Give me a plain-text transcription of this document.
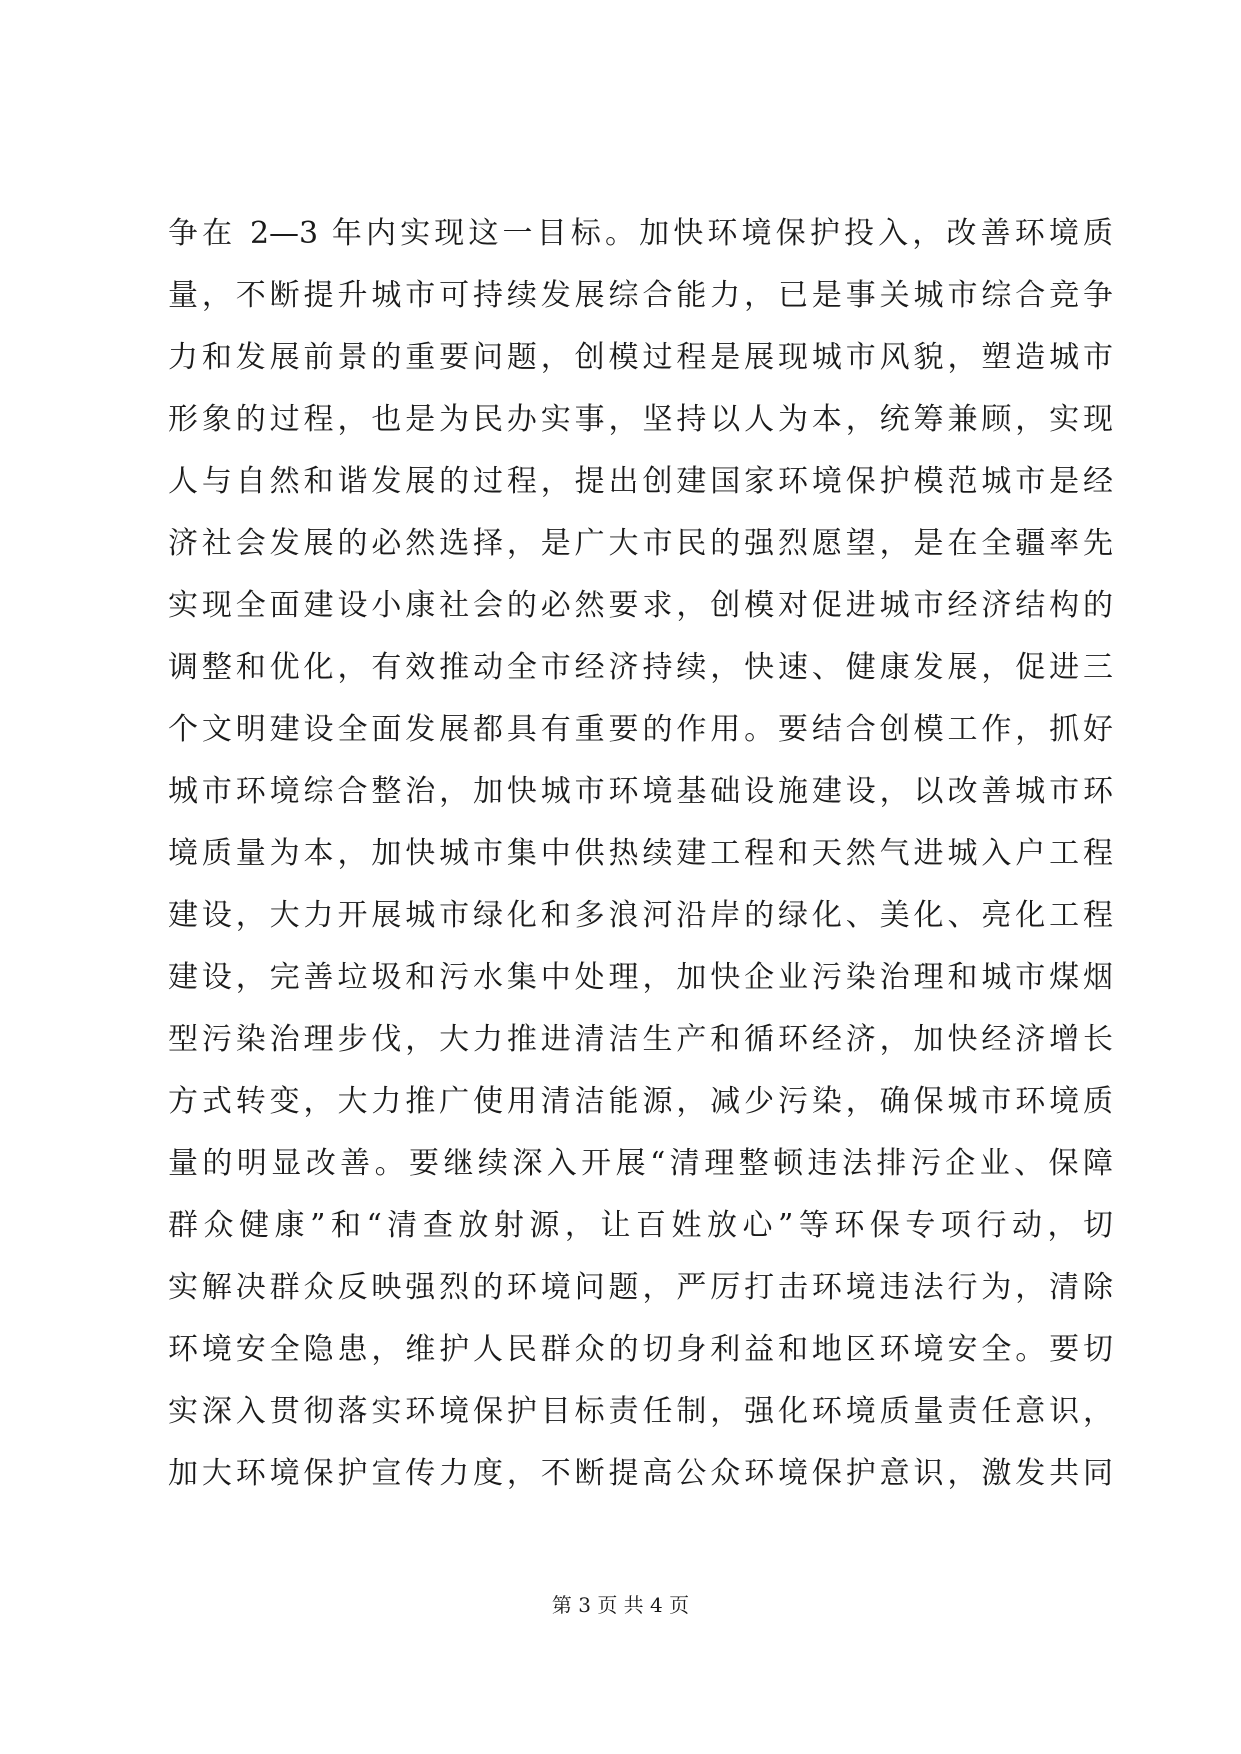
争在 2—3 年内实现这一目标。加快环境保护投入，改善环境质
量，不断提升城市可持续发展综合能力，已是事关城市综合竞争
力和发展前景的重要问题，创模过程是展现城市风貌，塑造城市
形象的过程，也是为民办实事，坚持以人为本，统筹兼顾，实现
人与自然和谐发展的过程，提出创建国家环境保护模范城市是经
济社会发展的必然选择，是广大市民的强烈愿望，是在全疆率先
实现全面建设小康社会的必然要求，创模对促进城市经济结构的
调整和优化，有效推动全市经济持续，快速、健康发展，促进三
个文明建设全面发展都具有重要的作用。要结合创模工作，抓好
城市环境综合整治，加快城市环境基础设施建设，以改善城市环
境质量为本，加快城市集中供热续建工程和天然气进城入户工程
建设，大力开展城市绿化和多浪河沿岸的绿化、美化、亮化工程
建设，完善垃圾和污水集中处理，加快企业污染治理和城市煤烟
型污染治理步伐，大力推进清洁生产和循环经济，加快经济增长
方式转变，大力推广使用清洁能源，减少污染，确保城市环境质
量的明显改善。要继续深入开展“清理整顿违法排污企业、保障
群众健康”和“清查放射源，让百姓放心”等环保专项行动，切
实解决群众反映强烈的环境问题，严厉打击环境违法行为，清除
环境安全隐患，维护人民群众的切身利益和地区环境安全。要切
实深入贯彻落实环境保护目标责任制，强化环境质量责任意识，
加大环境保护宣传力度，不断提高公众环境保护意识，激发共同
第 3 页 共 4 页
